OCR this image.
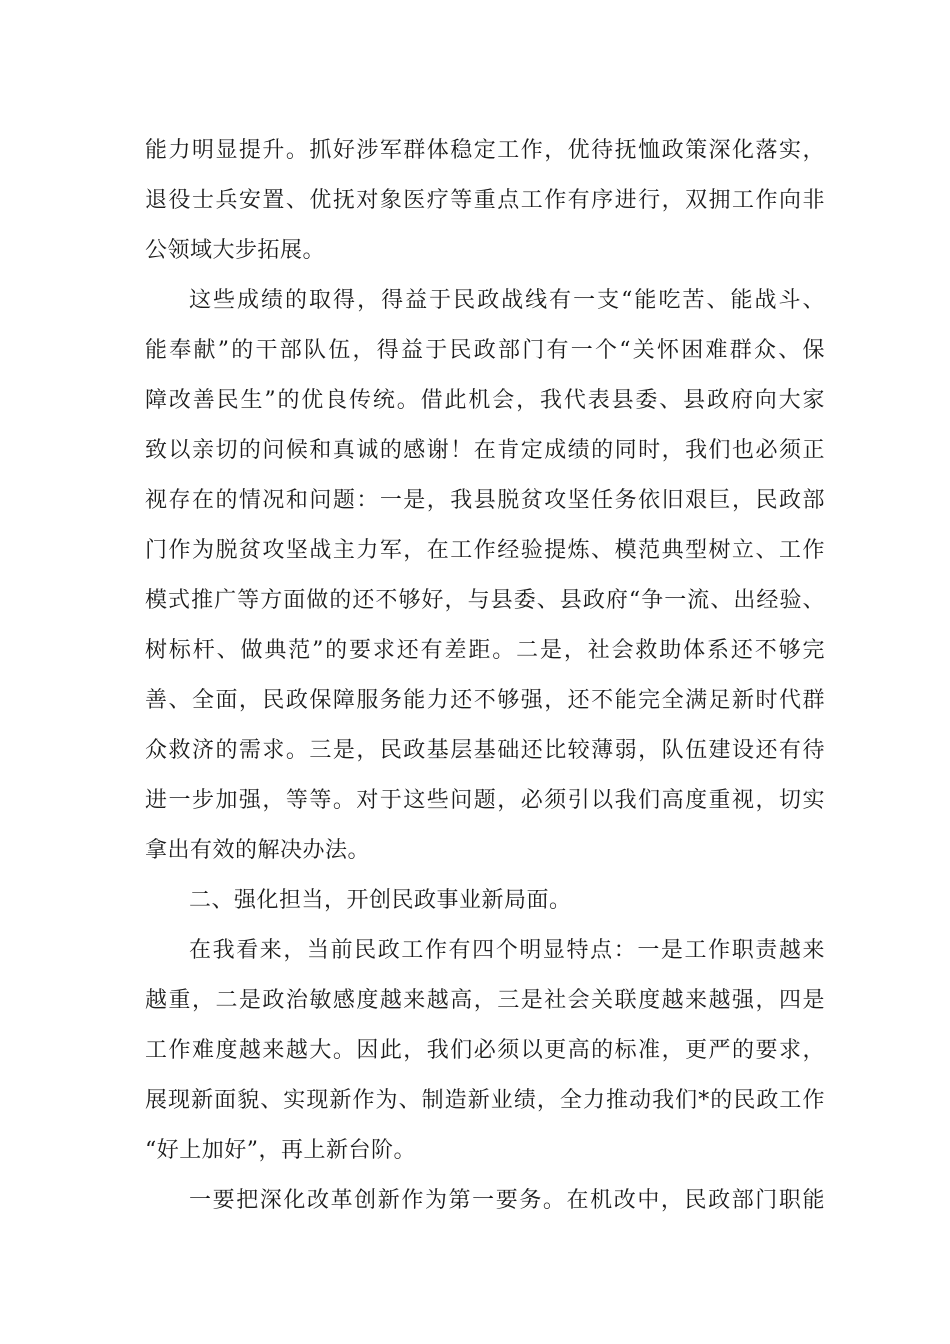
能力明显提升。抓好涉军群体稳定工作，优待抚恤政策深化落实，
退役士兵安置、优抚对象医疗等重点工作有序进行，双拥工作向非
公领域大步拓展。
这些成绩的取得，得益于民政战线有一支“能吃苦、能战斗、
能奉献”的干部队伍，得益于民政部门有一个“关怀困难群众、保
障改善民生”的优良传统。借此机会，我代表县委、县政府向大家
致以亲切的问候和真诚的感谢！在肯定成绩的同时，我们也必须正
视存在的情况和问题：一是，我县脱贫攻坚任务依旧艰巨，民政部
门作为脱贫攻坚战主力军，在工作经验提炼、模范典型树立、工作
模式推广等方面做的还不够好，与县委、县政府“争一流、出经验、
树标杆、做典范”的要求还有差距。二是，社会救助体系还不够完
善、全面，民政保障服务能力还不够强，还不能完全满足新时代群
众救济的需求。三是，民政基层基础还比较薄弱，队伍建设还有待
进一步加强，等等。对于这些问题，必须引以我们高度重视，切实
拿出有效的解决办法。
二、强化担当，开创民政事业新局面。
在我看来，当前民政工作有四个明显特点：一是工作职责越来
越重，二是政治敏感度越来越高，三是社会关联度越来越强，四是
工作难度越来越大。因此，我们必须以更高的标准，更严的要求，
展现新面貌、实现新作为、制造新业绩，全力推动我们*的民政工作
“好上加好”，再上新台阶。
一要把深化改革创新作为第一要务。在机改中，民政部门职能
